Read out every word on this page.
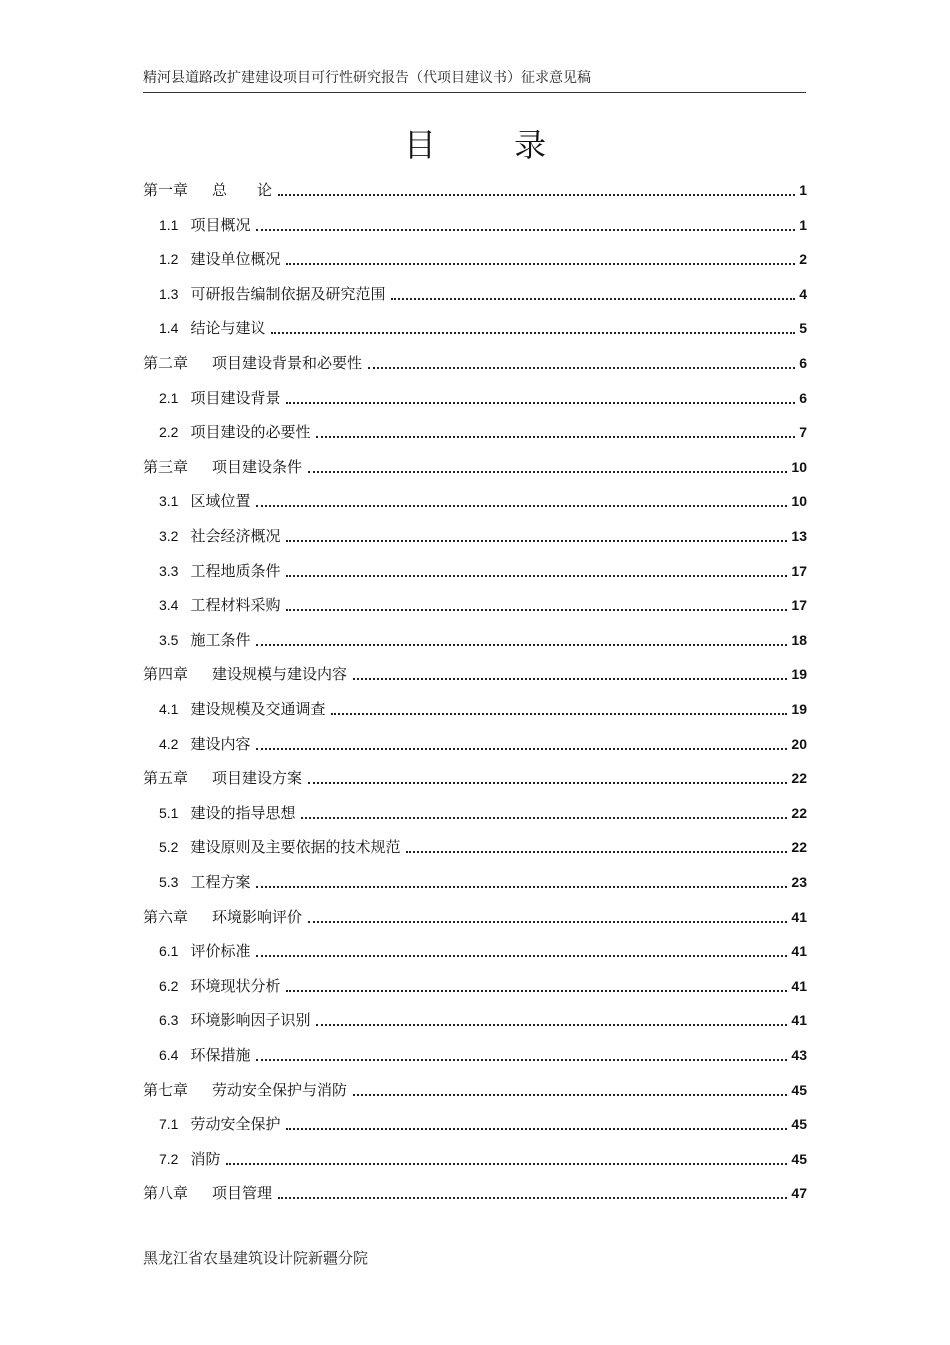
精河县道路改扩建建设项目可行性研究报告（代项目建议书）征求意见稿
目 录
第一章 总　　论	1
1.1 项目概况	1
1.2 建设单位概况	2
1.3 可研报告编制依据及研究范围	4
1.4 结论与建议	5
第二章 项目建设背景和必要性	6
2.1 项目建设背景	6
2.2 项目建设的必要性	7
第三章 项目建设条件	10
3.1 区域位置	10
3.2 社会经济概况	13
3.3 工程地质条件	17
3.4 工程材料采购	17
3.5 施工条件	18
第四章 建设规模与建设内容	19
4.1 建设规模及交通调查	19
4.2 建设内容	20
第五章 项目建设方案	22
5.1 建设的指导思想	22
5.2 建设原则及主要依据的技术规范	22
5.3 工程方案	23
第六章 环境影响评价	41
6.1 评价标准	41
6.2 环境现状分析	41
6.3 环境影响因子识别	41
6.4 环保措施	43
第七章 劳动安全保护与消防	45
7.1 劳动安全保护	45
7.2 消防	45
第八章 项目管理	47
黑龙江省农垦建筑设计院新疆分院
